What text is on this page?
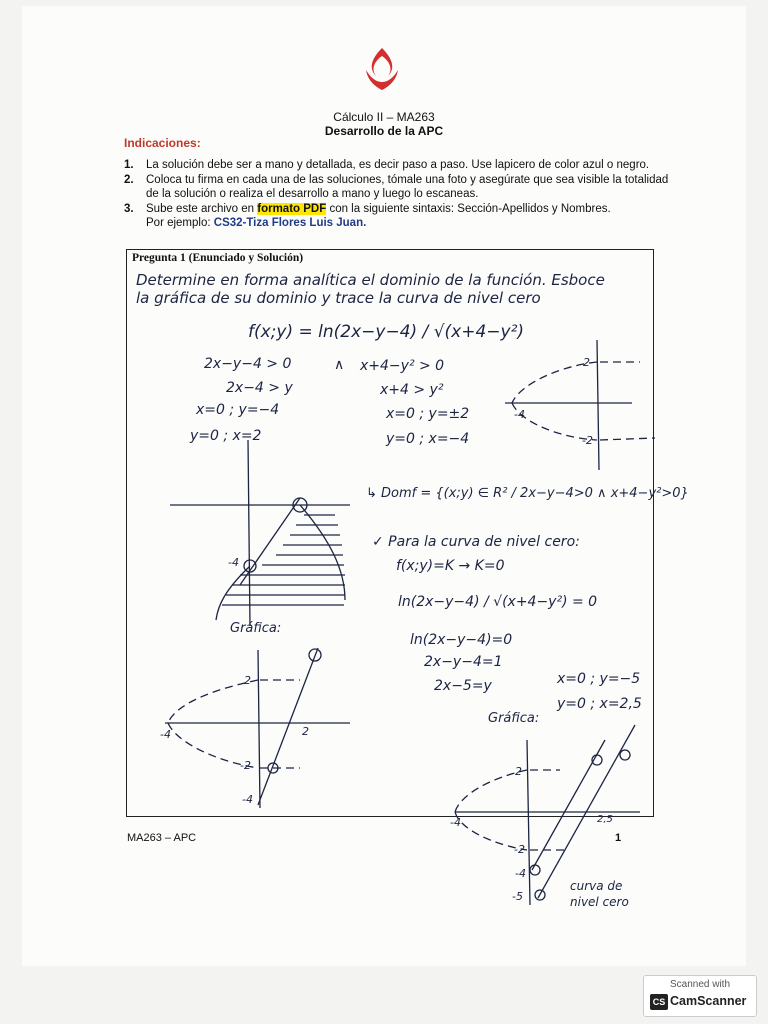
Cálculo II – MA263
Desarrollo de la APC
Indicaciones:
1. La solución debe ser a mano y detallada, es decir paso a paso. Use lapicero de color azul o negro.
2. Coloca tu firma en cada una de las soluciones, tómale una foto y asegúrate que sea visible la totalidad de la solución o realiza el desarrollo a mano y luego lo escaneas.
3. Sube este archivo en formato PDF con la siguiente sintaxis: Sección-Apellidos y Nombres.
Por ejemplo: CS32-Tiza Flores Luis Juan.
Pregunta 1 (Enunciado y Solución)
Determine en forma analítica el dominio de la función. Esboce
la gráfica de su dominio y trace la curva de nivel cero
f(x;y) = ln(2x−y−4) / √(x+4−y²)
2x−y−4 > 0
2x−4 > y
x=0 ; y=−4
y=0 ; x=2
∧ x+4−y² > 0
x+4 > y²
x=0 ; y=±2
y=0 ; x=−4
↳ Domf = {(x;y) ∈ R² / 2x−y−4>0 ∧ x+4−y²>0}
✓ Para la curva de nivel cero:
f(x;y)=K → K=0
ln(2x−y−4) / √(x+4−y²) = 0
ln(2x−y−4)=0
2x−y−4=1
2x−5=y	x=0 ; y=−5
y=0 ; x=2,5
Gráfica:
Gráfica:
curva de
nivel cero
2
-2
-4
-4
2
2
-2
-4
-4
2
-2
-4
-4
-5
2,5
MA263 – APC	1
Scanned with
CS CamScanner
